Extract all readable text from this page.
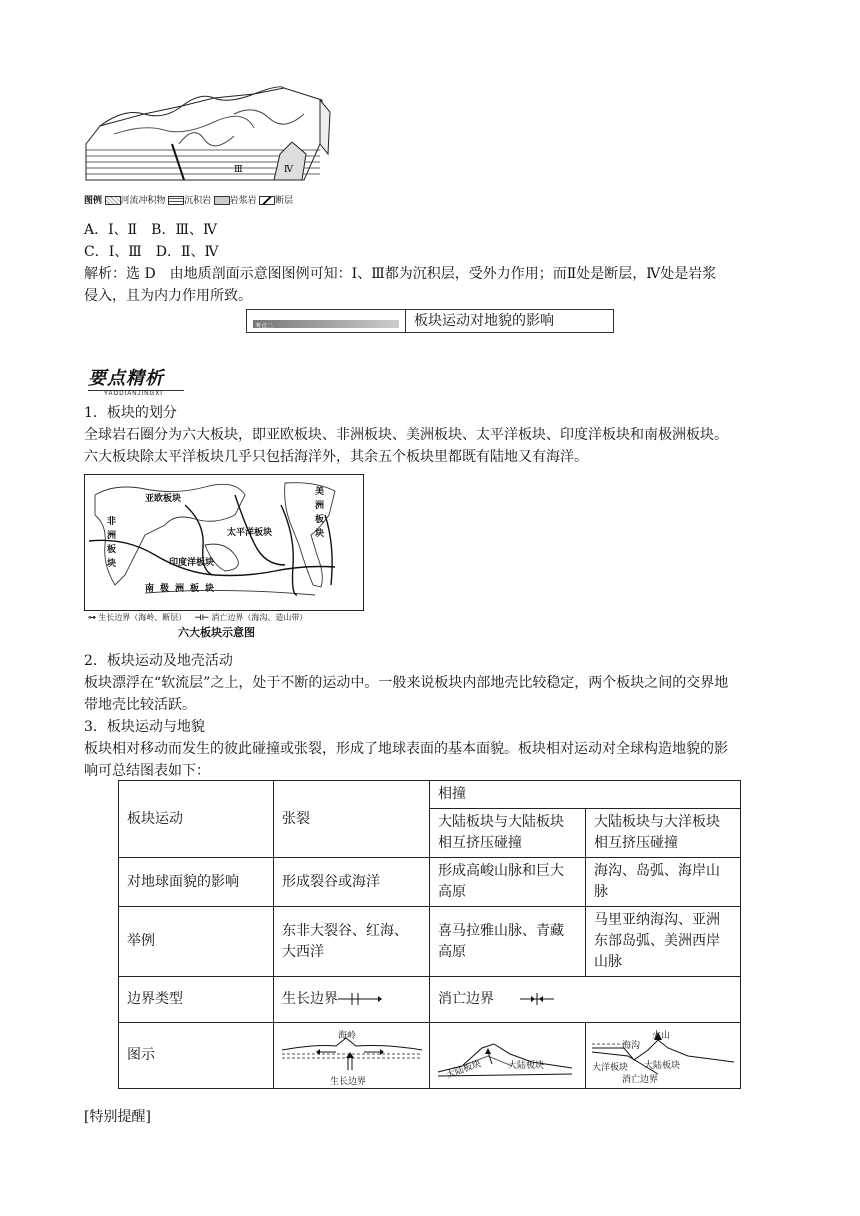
Ⅲ	Ⅳ
图例 河流冲积物 沉积岩 岩浆岩 断层
A．Ⅰ、Ⅱ　B．Ⅲ、Ⅳ
C．Ⅰ、Ⅲ　D．Ⅱ、Ⅳ
解析：选 D　由地质剖面示意图图例可知：Ⅰ、Ⅲ都为沉积层，受外力作用；而Ⅱ处是断层，Ⅳ处是岩浆
侵入，且为内力作用所致。
考点二	板块运动对地貌的影响
要点精析
YAODIANJINGXI
1．板块的划分
全球岩石圈分为六大板块，即亚欧板块、非洲板块、美洲板块、太平洋板块、印度洋板块和南极洲板块。
六大板块除太平洋板块几乎只包括海洋外，其余五个板块里都既有陆地又有海洋。
亚欧板块
非洲板块
太平洋板块
印度洋板块
美洲板块
南极洲板块
⊶ 生长边界（海岭、断层） ⊣⊢ 消亡边界（海沟、造山带）
六大板块示意图
2．板块运动及地壳活动
板块漂浮在“软流层”之上，处于不断的运动中。一般来说板块内部地壳比较稳定，两个板块之间的交界地
带地壳比较活跃。
3．板块运动与地貌
板块相对移动而发生的彼此碰撞或张裂，形成了地球表面的基本面貌。板块相对运动对全球构造地貌的影
响可总结图表如下：
板块运动	张裂	相撞	
		大陆板块与大陆板块相互挤压碰撞	大陆板块与大洋板块相互挤压碰撞
对地球面貌的影响	形成裂谷或海洋	形成高峻山脉和巨大高原	海沟、岛弧、海岸山脉
举例	东非大裂谷、红海、大西洋	喜马拉雅山脉、青藏高原	马里亚纳海沟、亚洲东部岛弧、美洲西岸山脉
边界类型	生长边界	消亡边界	
图示	海岭
生长边界	大陆板块 大陆板块	海沟
火山
大洋板块 大陆板块
消亡边界
[特别提醒]
